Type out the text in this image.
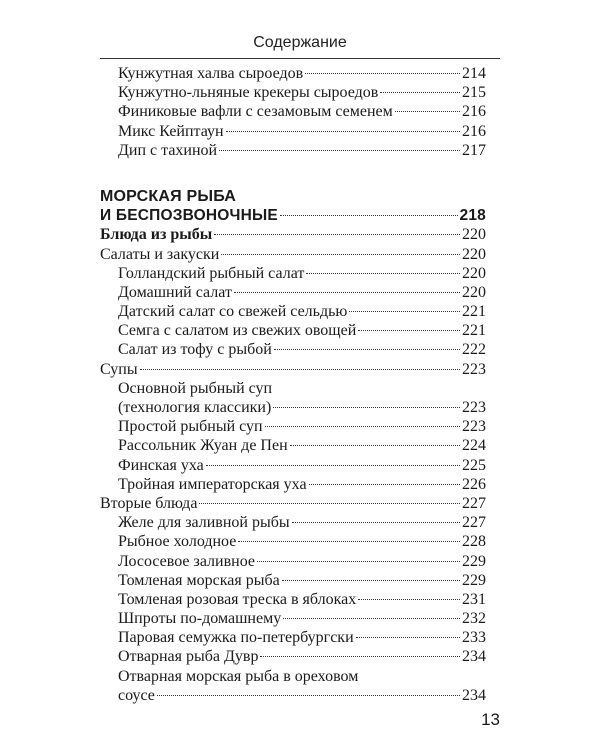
Содержание
Кунжутная халва сыроедов	214
Кунжутно-льняные крекеры сыроедов	215
Финиковые вафли с сезамовым семенем	216
Микс Кейптаун	216
Дип с тахиной	217
МОРСКАЯ РЫБА
И БЕСПОЗВОНОЧНЫЕ	218
Блюда из рыбы	220
Салаты и закуски	220
Голландский рыбный салат	220
Домашний салат	220
Датский салат со свежей сельдью	221
Семга с салатом из свежих овощей	221
Салат из тофу с рыбой	222
Супы	223
Основной рыбный суп
(технология классики)	223
Простой рыбный суп	223
Рассольник Жуан де Пен	224
Финская уха	225
Тройная императорская уха	226
Вторые блюда	227
Желе для заливной рыбы	227
Рыбное холодное	228
Лососевое заливное	229
Томленая морская рыба	229
Томленая розовая треска в яблоках	231
Шпроты по-домашнему	232
Паровая семужка по-петербургски	233
Отварная рыба Дувр	234
Отварная морская рыба в ореховом
соусе	234
13
